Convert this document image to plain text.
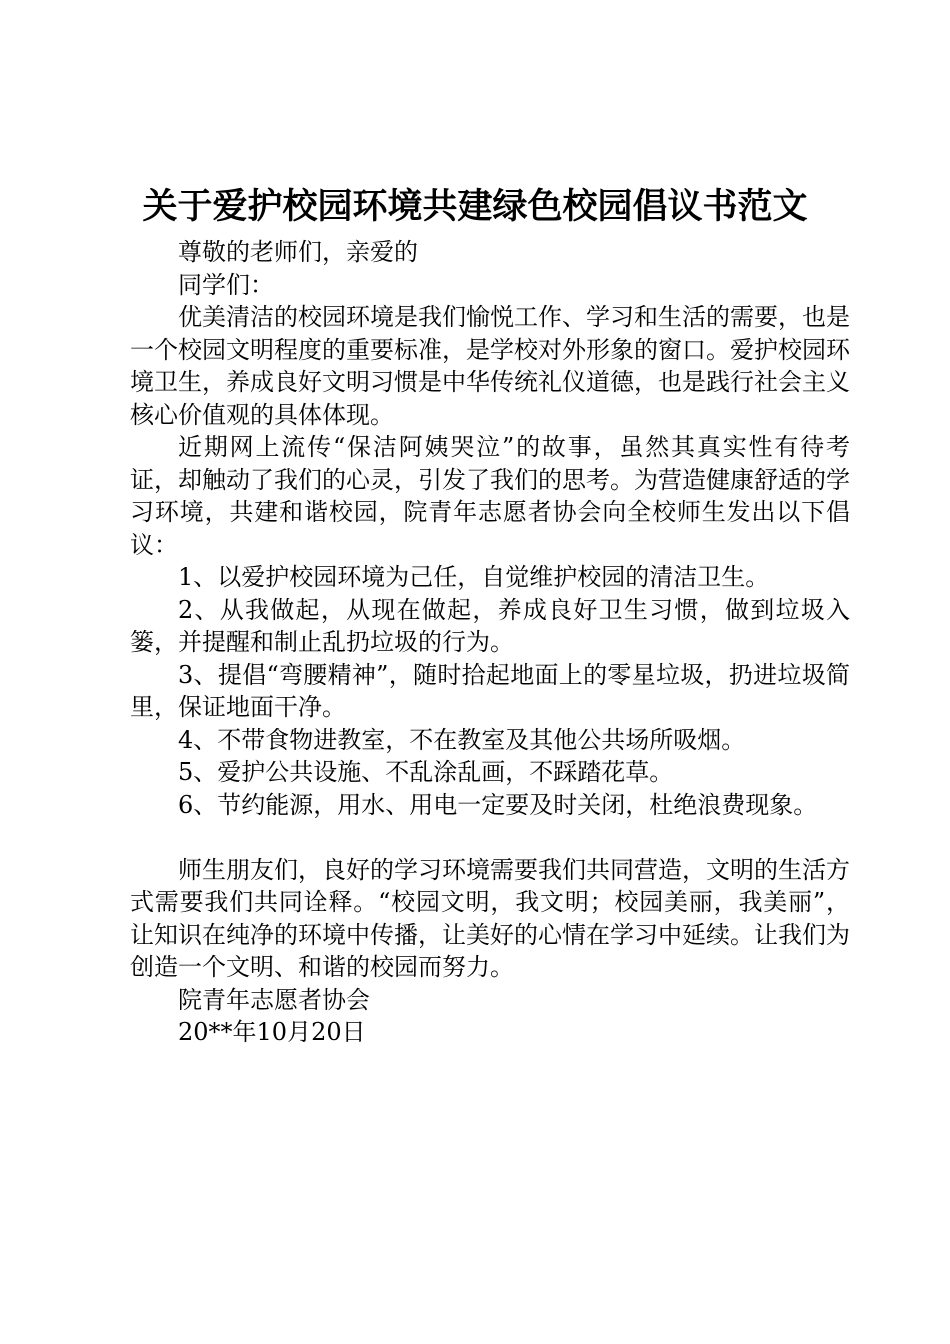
关于爱护校园环境共建绿色校园倡议书范文

尊敬的老师们，亲爱的

同学们：

优美清洁的校园环境是我们愉悦工作、学习和生活的需要，也是一个校园文明程度的重要标准，是学校对外形象的窗口。爱护校园环境卫生，养成良好文明习惯是中华传统礼仪道德，也是践行社会主义核心价值观的具体体现。

近期网上流传“保洁阿姨哭泣”的故事，虽然其真实性有待考证，却触动了我们的心灵，引发了我们的思考。为营造健康舒适的学习环境，共建和谐校园，院青年志愿者协会向全校师生发出以下倡议：

1、以爱护校园环境为己任，自觉维护校园的清洁卫生。

2、从我做起，从现在做起，养成良好卫生习惯，做到垃圾入篓，并提醒和制止乱扔垃圾的行为。

3、提倡“弯腰精神”，随时拾起地面上的零星垃圾，扔进垃圾简里，保证地面干净。

4、不带食物进教室，不在教室及其他公共场所吸烟。

5、爱护公共设施、不乱涂乱画，不踩踏花草。

6、节约能源，用水、用电一定要及时关闭，杜绝浪费现象。

师生朋友们，良好的学习环境需要我们共同营造，文明的生活方式需要我们共同诠释。“校园文明，我文明；校园美丽，我美丽”，让知识在纯净的环境中传播，让美好的心情在学习中延续。让我们为创造一个文明、和谐的校园而努力。

院青年志愿者协会

20**年10月20日
